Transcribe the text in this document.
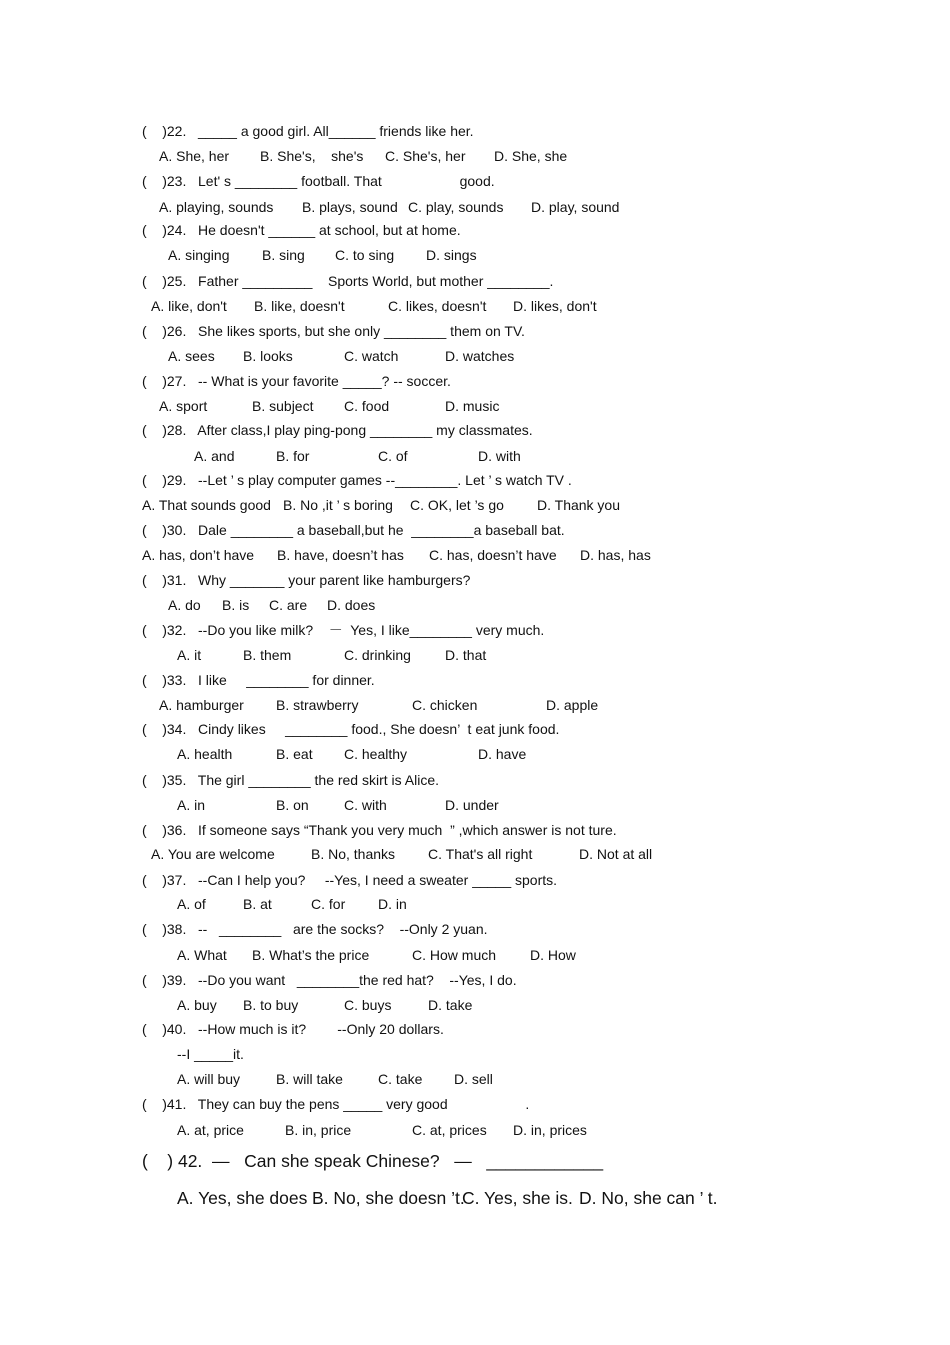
(    )22.   _____ a good girl. All______ friends like her.
A. She, her B. She's,    she's C. She's, her D. She, she
(    )23.   Let' s ________ football. That                    good.
A. playing, sounds B. plays, sound C. play, sounds D. play, sound
(    )24.   He doesn't ______ at school, but at home.
A. singing B. sing C. to sing D. sings
(    )25.   Father _________    Sports World, but mother ________.
A. like, don't B. like, doesn't	C. likes, doesn't D. likes, don't
(    )26.   She likes sports, but she only ________ them on TV.
A. sees B. looks	C. watch	D. watches
(    )27.   -- What is your favorite _____? -- soccer.
A. sport	B. subject C. food	D. music
(    )28.   After class,I play ping-pong ________ my classmates.
A. and	B. for	C. of	D. with
(    )29.   --Let ’ s play computer games --________. Let ’ s watch TV .
A. That sounds good B. No ,it ’ s boring C. OK, let ’s go D. Thank you
(    )30.   Dale ________ a baseball,but he  ________a baseball bat.
A. has, don’t have B. have, doesn’t has C. has, doesn’t have D. has, has
(    )31.   Why _______ your parent like hamburgers?
A. do B. is C. are D. does
(    )32.   --Do you like milk?    －  Yes, I like________ very much.
A. it	B. them	C. drinking D. that
(    )33.   I like     ________ for dinner.
A. hamburger B. strawberry	C. chicken	D. apple
(    )34.   Cindy likes     ________ food., She doesn’  t eat junk food.
A. health	B. eat C. healthy	D. have
(    )35.   The girl ________ the red skirt is Alice.
A. in	B. on	C. with	D. under
(    )36.   If someone says “Thank you very much  ” ,which answer is not ture.
A. You are welcome	B. No, thanks C. That's all right	D. Not at all
(    )37.   --Can I help you?     --Yes, I need a sweater _____ sports.
A. of	B. at	C. for D. in
(    )38.   --   ________   are the socks?    --Only 2 yuan.
A. What B. What’s the price	C. How much D. How
(    )39.   --Do you want   ________the red hat?    --Yes, I do.
A. buy B. to buy	C. buys	D. take
(    )40.   --How much is it?        --Only 20 dollars.
--I _____it.
A. will buy	B. will take	C. take D. sell
(    )41.   They can buy the pens _____ very good                    .
A. at, price	B. in, price	C. at, prices D. in, prices
(    ) 42.  —   Can she speak Chinese?   —   ____________
A. Yes, she does B. No, she doesn ’t.
C. Yes, she is. D. No, she can ’ t.
